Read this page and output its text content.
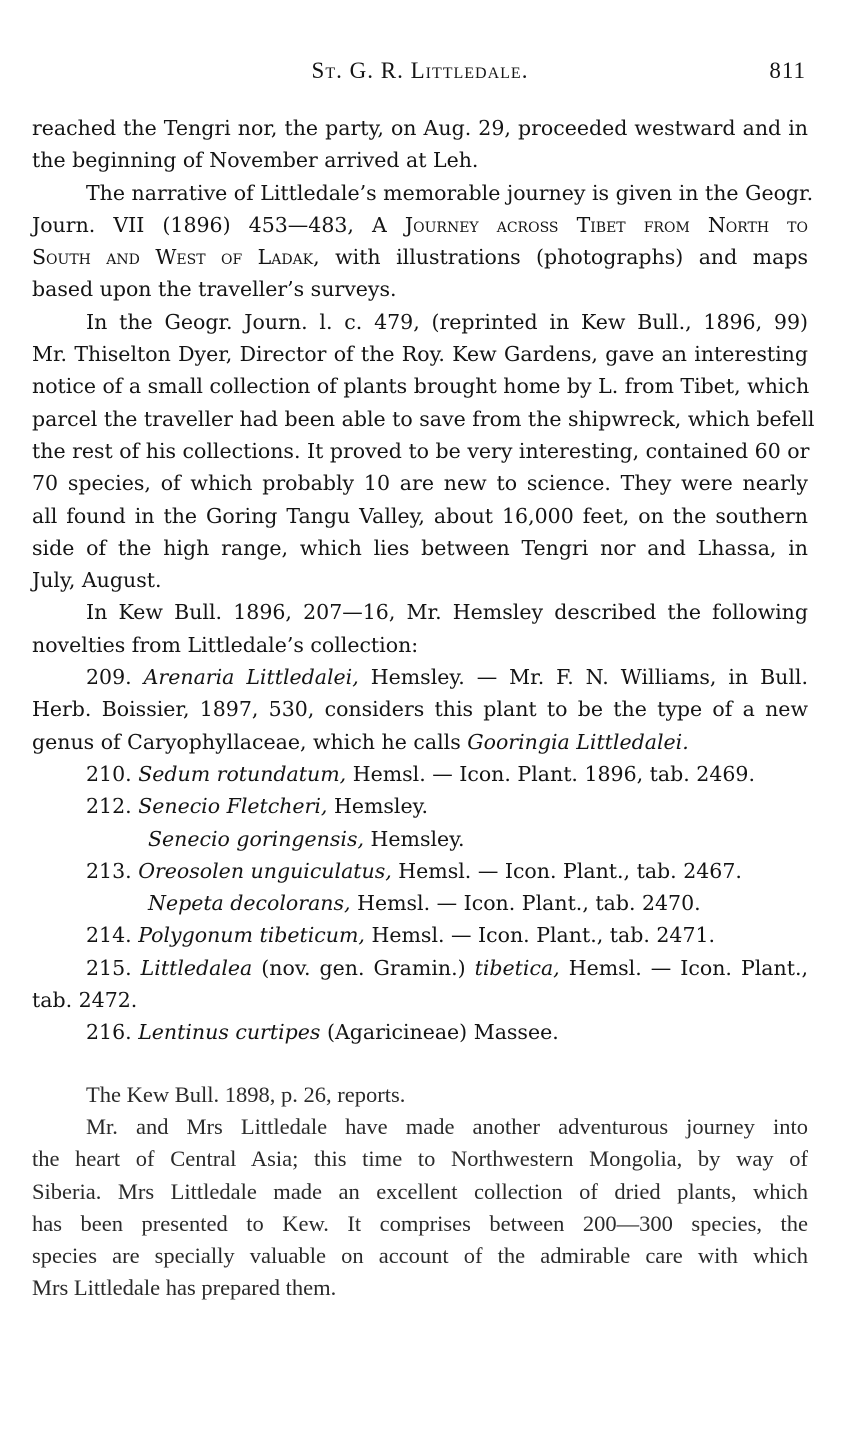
St. G. R. Littledale.	811
reached the Tengri nor, the party, on Aug. 29, proceeded westward and in
the beginning of November arrived at Leh.
The narrative of Littledale’s memorable journey is given in the Geogr.
Journ. VII (1896) 453—483, A Journey across Tibet from North to
South and West of Ladak, with illustrations (photographs) and maps
based upon the traveller’s surveys.
In the Geogr. Journ. l. c. 479, (reprinted in Kew Bull., 1896, 99)
Mr. Thiselton Dyer, Director of the Roy. Kew Gardens, gave an interesting
notice of a small collection of plants brought home by L. from Tibet, which
parcel the traveller had been able to save from the shipwreck, which befell
the rest of his collections. It proved to be very interesting, contained 60 or
70 species, of which probably 10 are new to science. They were nearly
all found in the Goring Tangu Valley, about 16,000 feet, on the southern
side of the high range, which lies between Tengri nor and Lhassa, in
July, August.
In Kew Bull. 1896, 207—16, Mr. Hemsley described the following
novelties from Littledale’s collection:
209. Arenaria Littledalei, Hemsley. — Mr. F. N. Williams, in Bull.
Herb. Boissier, 1897, 530, considers this plant to be the type of a new
genus of Caryophyllaceae, which he calls Gooringia Littledalei.
210. Sedum rotundatum, Hemsl. — Icon. Plant. 1896, tab. 2469.
212. Senecio Fletcheri, Hemsley.
Senecio goringensis, Hemsley.
213. Oreosolen unguiculatus, Hemsl. — Icon. Plant., tab. 2467.
Nepeta decolorans, Hemsl. — Icon. Plant., tab. 2470.
214. Polygonum tibeticum, Hemsl. — Icon. Plant., tab. 2471.
215. Littledalea (nov. gen. Gramin.) tibetica, Hemsl. — Icon. Plant.,
tab. 2472.
216. Lentinus curtipes (Agaricineae) Massee.
The Kew Bull. 1898, p. 26, reports.
Mr. and Mrs Littledale have made another adventurous journey into
the heart of Central Asia; this time to Northwestern Mongolia, by way of
Siberia. Mrs Littledale made an excellent collection of dried plants, which
has been presented to Kew. It comprises between 200—300 species, the
species are specially valuable on account of the admirable care with which
Mrs Littledale has prepared them.
